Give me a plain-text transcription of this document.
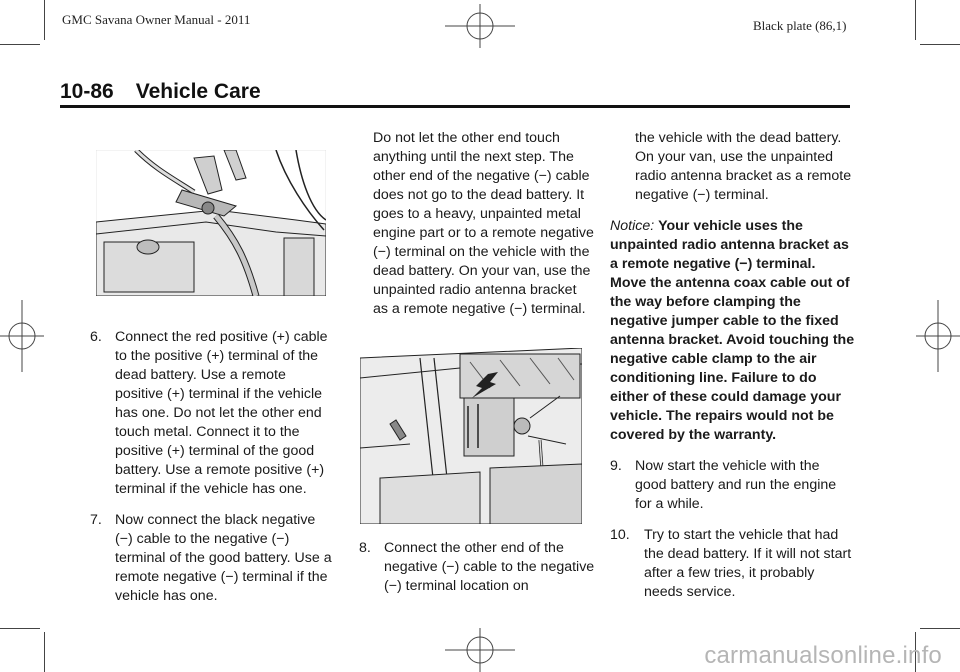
GMC Savana Owner Manual - 2011	Black plate (86,1)
10-86 Vehicle Care
6. Connect the red positive (+) cable to the positive (+) terminal of the dead battery. Use a remote positive (+) terminal if the vehicle has one. Do not let the other end touch metal. Connect it to the positive (+) terminal of the good battery. Use a remote positive (+) terminal if the vehicle has one.
7. Now connect the black negative (−) cable to the negative (−) terminal of the good battery. Use a remote negative (−) terminal if the vehicle has one.

Do not let the other end touch anything until the next step. The other end of the negative (−) cable does not go to the dead battery. It goes to a heavy, unpainted metal engine part or to a remote negative (−) terminal on the vehicle with the dead battery. On your van, use the unpainted radio antenna bracket as a remote negative (−) terminal.

8. Connect the other end of the negative (−) cable to the negative (−) terminal location on

the vehicle with the dead battery. On your van, use the unpainted radio antenna bracket as a remote negative (−) terminal.

Notice: Your vehicle uses the unpainted radio antenna bracket as a remote negative (−) terminal. Move the antenna coax cable out of the way before clamping the negative jumper cable to the fixed antenna bracket. Avoid touching the negative cable clamp to the air conditioning line. Failure to do either of these could damage your vehicle. The repairs would not be covered by the warranty.

9. Now start the vehicle with the good battery and run the engine for a while.
10. Try to start the vehicle that had the dead battery. If it will not start after a few tries, it probably needs service.
carmanualsonline.info
